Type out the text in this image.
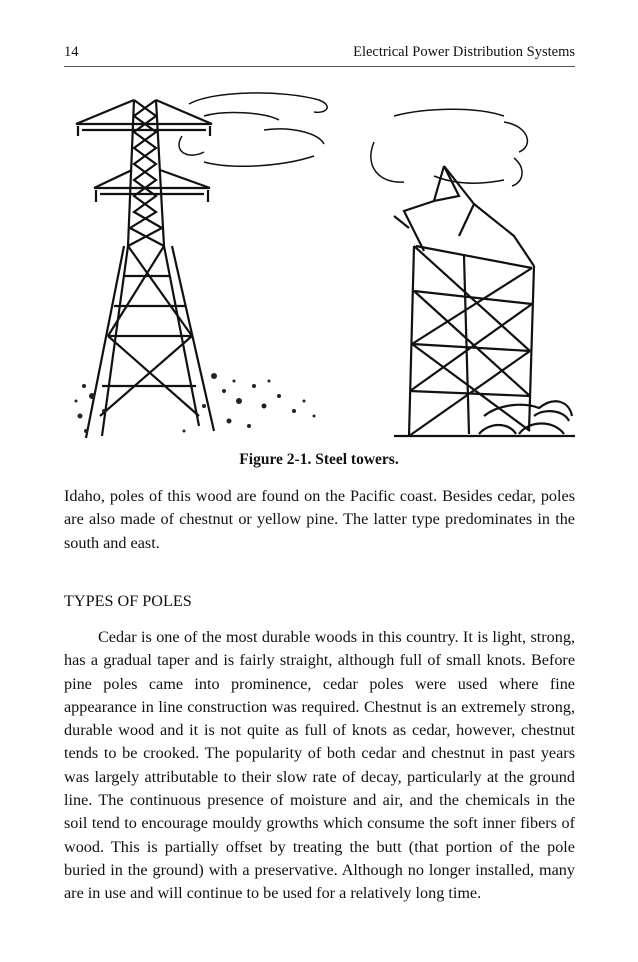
14	Electrical Power Distribution Systems
Figure 2-1. Steel towers.

Idaho, poles of this wood are found on the Pacific coast. Besides cedar, poles are also made of chestnut or yellow pine. The latter type predominates in the south and east.

TYPES OF POLES

Cedar is one of the most durable woods in this country. It is light, strong, has a gradual taper and is fairly straight, although full of small knots. Before pine poles came into prominence, cedar poles were used where fine appearance in line construction was required. Chestnut is an extremely strong, durable wood and it is not quite as full of knots as cedar, however, chestnut tends to be crooked. The popularity of both cedar and chestnut in past years was largely attributable to their slow rate of decay, particularly at the ground line. The continuous presence of moisture and air, and the chemicals in the soil tend to encourage mouldy growths which consume the soft inner fibers of wood. This is partially offset by treating the butt (that portion of the pole buried in the ground) with a preservative. Although no longer installed, many are in use and will continue to be used for a relatively long time.
